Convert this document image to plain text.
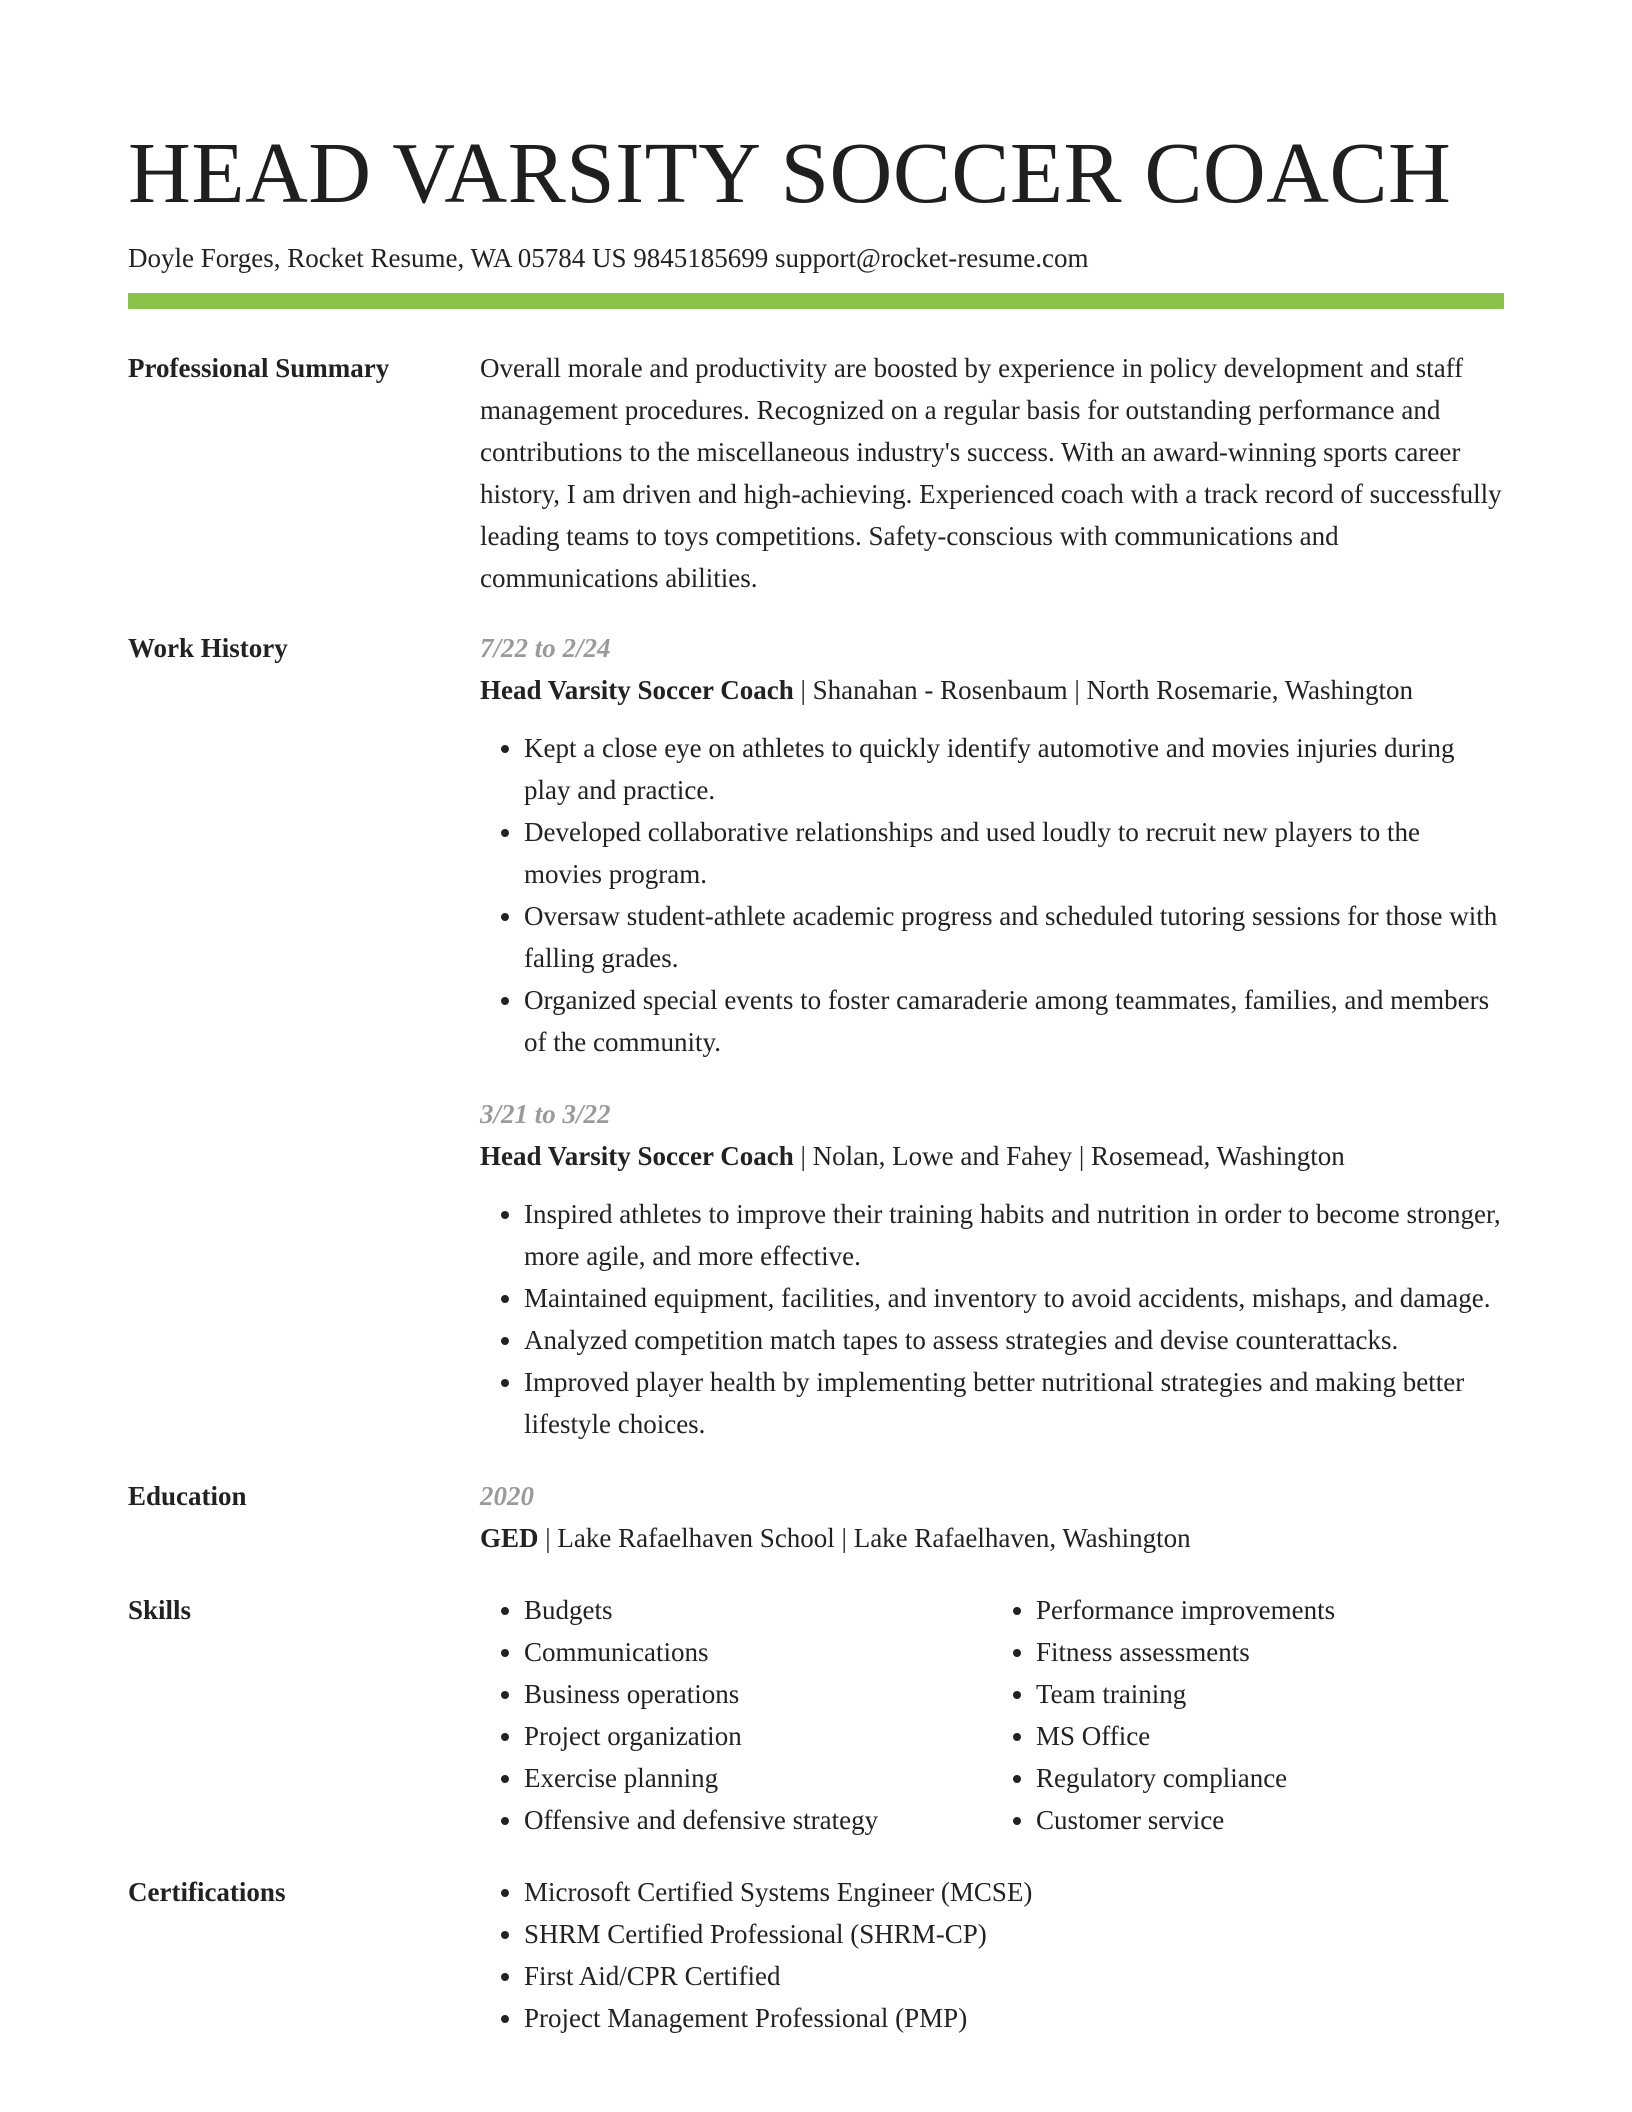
HEAD VARSITY SOCCER COACH
Doyle Forges, Rocket Resume, WA 05784 US 9845185699 support@rocket-resume.com
Professional Summary	Overall morale and productivity are boosted by experience in policy development and staff management procedures. Recognized on a regular basis for outstanding performance and contributions to the miscellaneous industry's success. With an award-winning sports career history, I am driven and high-achieving. Experienced coach with a track record of successfully leading teams to toys competitions. Safety-conscious with communications and communications abilities.

Work History	7/22 to 2/24
Head Varsity Soccer Coach | Shanahan - Rosenbaum | North Rosemarie, Washington
• Kept a close eye on athletes to quickly identify automotive and movies injuries during play and practice.
• Developed collaborative relationships and used loudly to recruit new players to the movies program.
• Oversaw student-athlete academic progress and scheduled tutoring sessions for those with falling grades.
• Organized special events to foster camaraderie among teammates, families, and members of the community.
3/21 to 3/22
Head Varsity Soccer Coach | Nolan, Lowe and Fahey | Rosemead, Washington
• Inspired athletes to improve their training habits and nutrition in order to become stronger, more agile, and more effective.
• Maintained equipment, facilities, and inventory to avoid accidents, mishaps, and damage.
• Analyzed competition match tapes to assess strategies and devise counterattacks.
• Improved player health by implementing better nutritional strategies and making better lifestyle choices.
Education	2020
GED | Lake Rafaelhaven School | Lake Rafaelhaven, Washington
Skills	• Budgets
• Communications
• Business operations
• Project organization
• Exercise planning
• Offensive and defensive strategy
• Performance improvements
• Fitness assessments
• Team training
• MS Office
• Regulatory compliance
• Customer service
Certifications	• Microsoft Certified Systems Engineer (MCSE)
• SHRM Certified Professional (SHRM-CP)
• First Aid/CPR Certified
• Project Management Professional (PMP)
